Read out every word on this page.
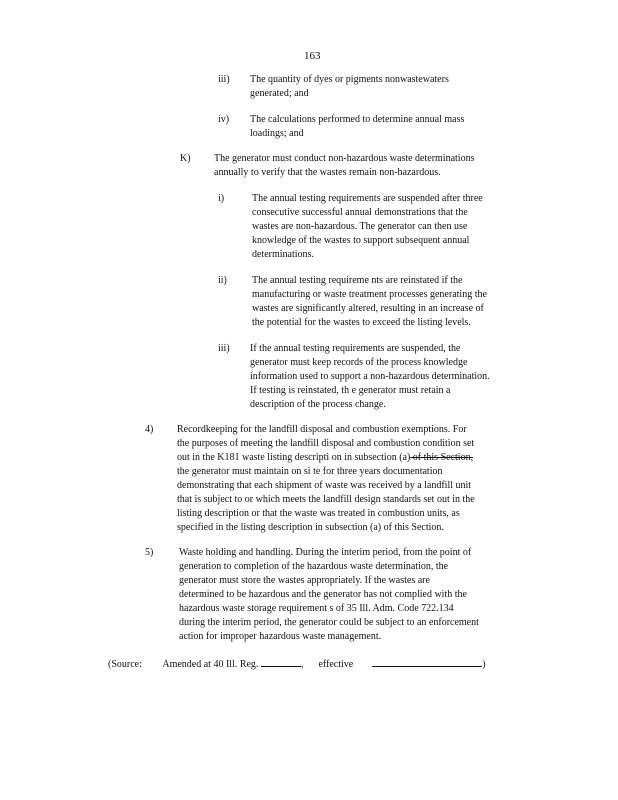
163
iii) The quantity of dyes or pigments nonwastewaters
generated; and
iv) The calculations performed to determine annual mass
loadings; and
K) The generator must conduct non-hazardous waste determinations
annually to verify that the wastes remain non-hazardous.
i)	The annual testing requirements are suspended after three
consecutive successful annual demonstrations that the
wastes are non-hazardous. The generator can then use
knowledge of the wastes to support subsequent annual
determinations.
ii)	The annual testing requireme nts are reinstated if the
manufacturing or waste treatment processes generating the
wastes are significantly altered, resulting in an increase of
the potential for the wastes to exceed the listing levels.
iii) If the annual testing requirements are suspended, the
generator must keep records of the process knowledge
information used to support a non-hazardous determination.
If testing is reinstated, th e generator must retain a
description of the process change.
4) Recordkeeping for the landfill disposal and combustion exemptions. For
the purposes of meeting the landfill disposal and combustion condition set
out in the K181 waste listing descripti on in subsection (a) of this Section,
the generator must maintain on si te for three years documentation
demonstrating that each shipment of waste was received by a landfill unit
that is subject to or which meets the landfill design standards set out in the
listing description or that the waste was treated in combustion units, as
specified in the listing description in subsection (a) of this Section.
5)	Waste holding and handling. During the interim period, from the point of
generation to completion of the hazardous waste determination, the
generator must store the wastes appropriately. If the wastes are
determined to be hazardous and the generator has not complied with the
hazardous waste storage requirement s of 35 Ill. Adm. Code 722.134
during the interim period, the generator could be subject to an enforcement
action for improper hazardous waste management.
(Source: Amended at 40 Ill. Reg.	, effective	)
